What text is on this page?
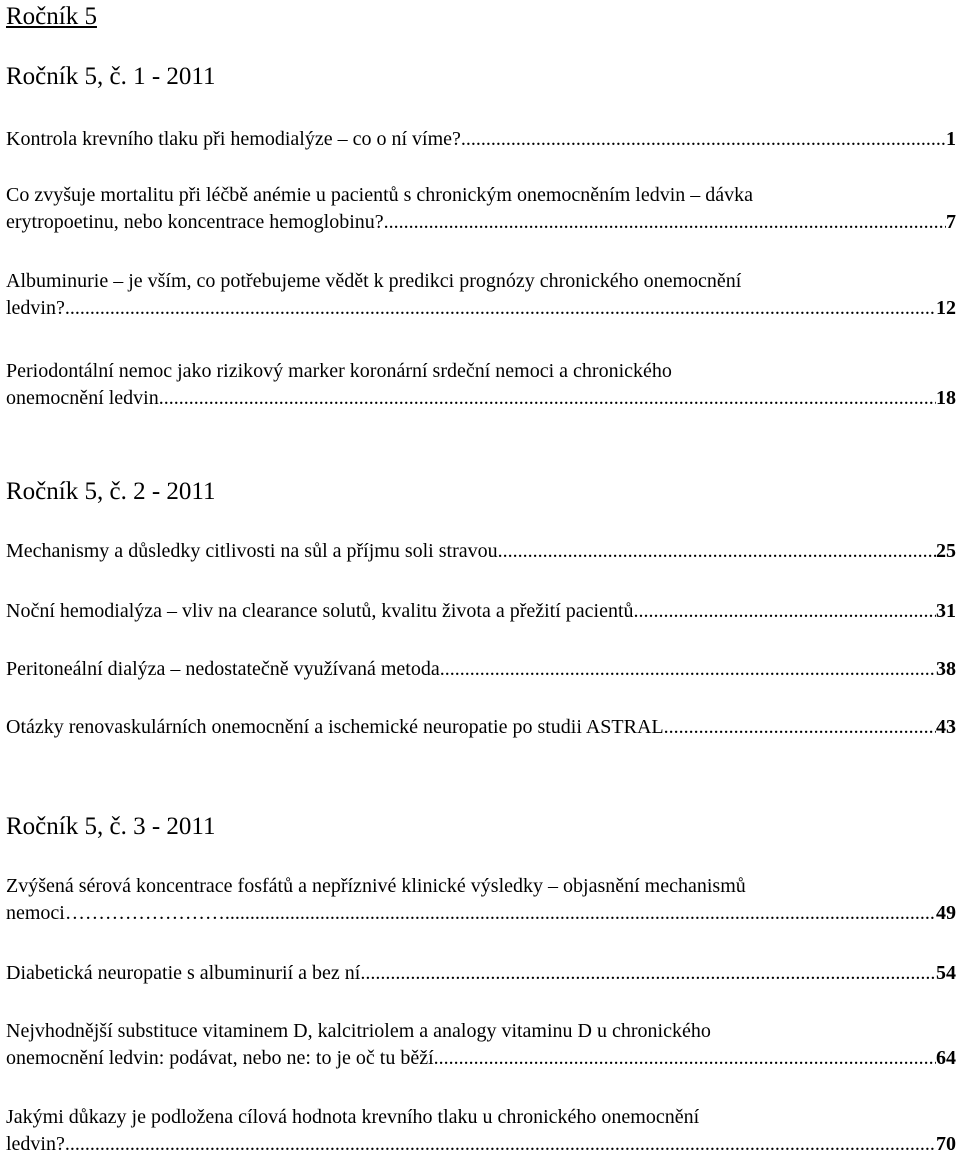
Ročník 5
Ročník 5, č. 1 - 2011
Kontrola krevního tlaku při hemodialýze – co o ní víme? .....	1
Co zvyšuje mortalitu při léčbě anémie u pacientů s chronickým onemocněním ledvin – dávka
erytropoetinu, nebo koncentrace hemoglobinu? .....	7
Albuminurie – je vším, co potřebujeme vědět k predikci prognózy chronického onemocnění
ledvin? .....	12
Periodontální nemoc jako rizikový marker koronární srdeční nemoci a chronického
onemocnění ledvin .....	18
Ročník 5, č. 2 - 2011
Mechanismy a důsledky citlivosti na sůl a příjmu soli stravou .....	25
Noční hemodialýza – vliv na clearance solutů, kvalitu života a přežití pacientů .....	31
Peritoneální dialýza – nedostatečně využívaná metoda .....	38
Otázky renovaskulárních onemocnění a ischemické neuropatie po studii ASTRAL .....	43
Ročník 5, č. 3 - 2011
Zvýšená sérová koncentrace fosfátů a nepříznivé klinické výsledky – objasnění mechanismů
nemoci…………………….... .....	49
Diabetická neuropatie s albuminurií a bez ní .....	54
Nejvhodnější substituce vitaminem D, kalcitriolem a analogy vitaminu D u chronického
onemocnění ledvin: podávat, nebo ne: to je oč tu běží .....	64
Jakými důkazy je podložena cílová hodnota krevního tlaku u chronického onemocnění
ledvin? .....	70
